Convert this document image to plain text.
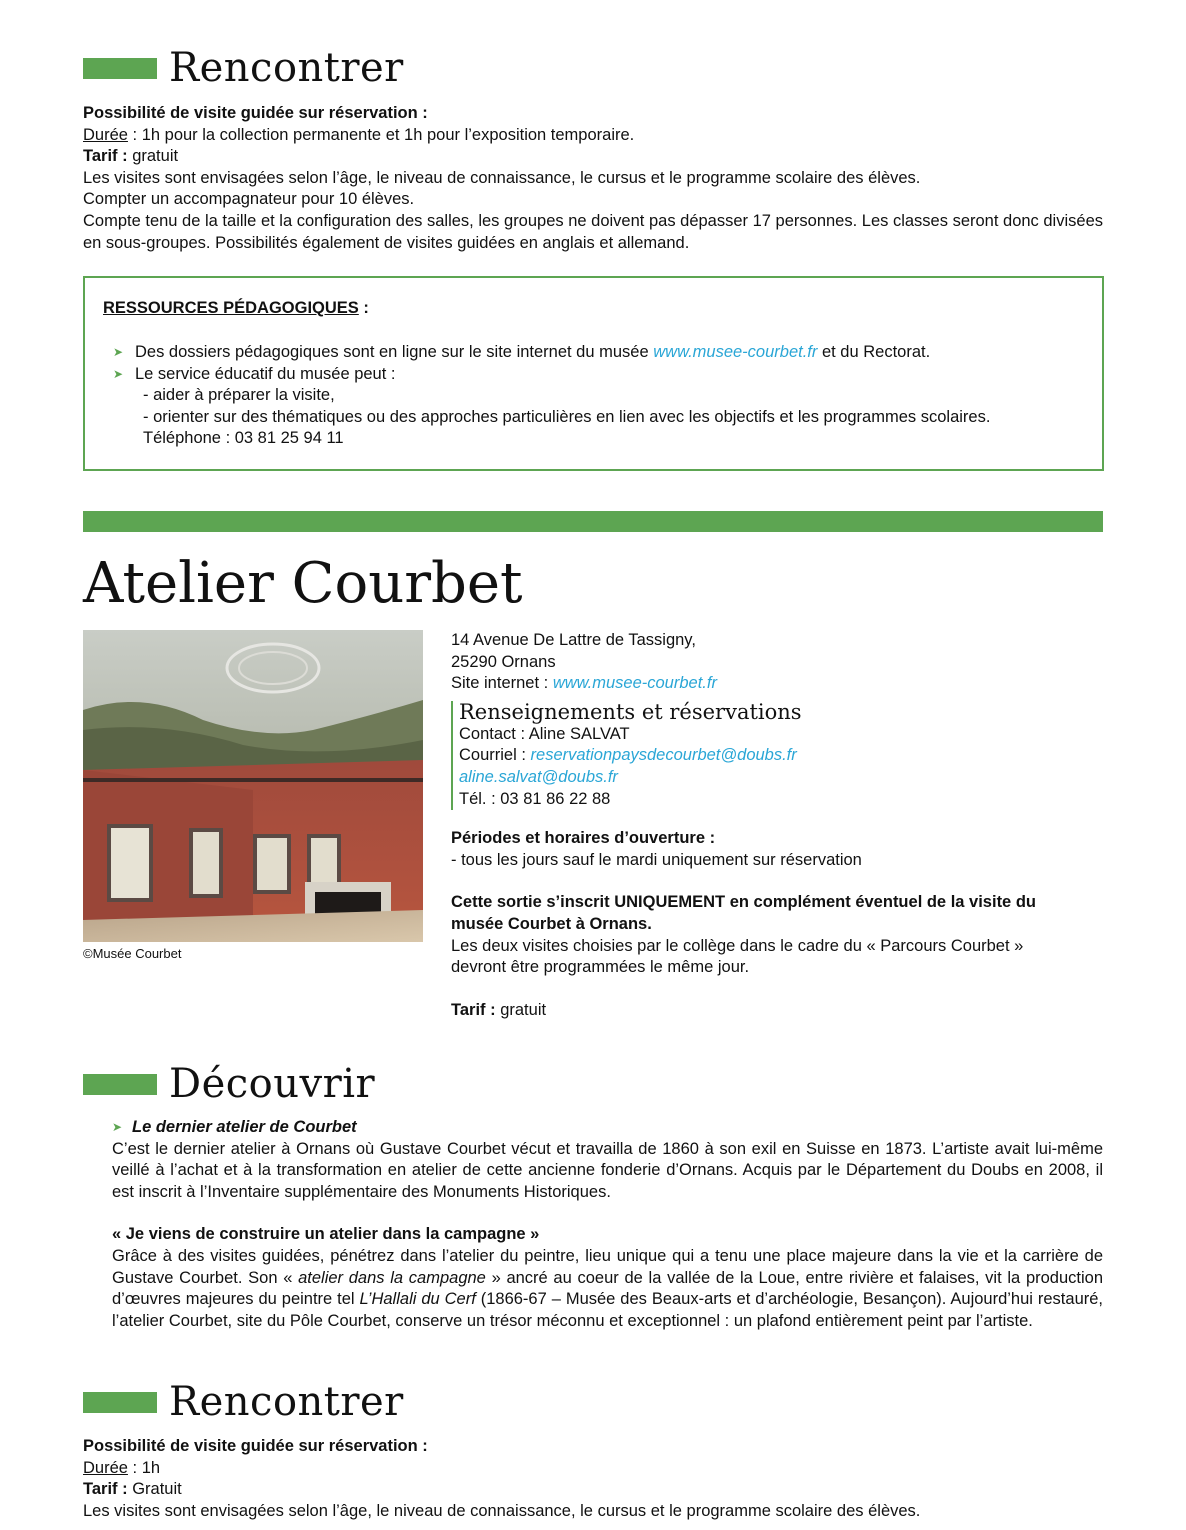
Rencontrer

Possibilité de visite guidée sur réservation :

Durée : 1h pour la collection permanente et 1h pour l’exposition temporaire.

Tarif : gratuit

Les visites sont envisagées selon l’âge, le niveau de connaissance, le cursus et le programme scolaire des élèves.

Compter un accompagnateur pour 10 élèves.

Compte tenu de la taille et la configuration des salles, les groupes ne doivent pas dépasser 17 personnes. Les classes seront donc divisées en sous-groupes. Possibilités également de visites guidées en anglais et allemand.

RESSOURCES PÉDAGOGIQUES :
➤ Des dossiers pédagogiques sont en ligne sur le site internet du musée www.musee-courbet.fr et du Rectorat.
➤ Le service éducatif du musée peut :
- aider à préparer la visite,
- orienter sur des thématiques ou des approches particulières en lien avec les objectifs et les programmes scolaires.
Téléphone : 03 81 25 94 11
Atelier Courbet
©Musée Courbet

14 Avenue De Lattre de Tassigny,

25290 Ornans

Site internet : www.musee-courbet.fr

Renseignements et réservations

Contact : Aline SALVAT

Courriel : reservationpaysdecourbet@doubs.fr

aline.salvat@doubs.fr

Tél. : 03 81 86 22 88

Périodes et horaires d’ouverture :

- tous les jours sauf le mardi uniquement sur réservation

Cette sortie s’inscrit UNIQUEMENT en complément éventuel de la visite du musée Courbet à Ornans.

Les deux visites choisies par le collège dans le cadre du « Parcours Courbet » devront être programmées le même jour.

Tarif : gratuit

Découvrir

➤ Le dernier atelier de Courbet

C’est le dernier atelier à Ornans où Gustave Courbet vécut et travailla de 1860 à son exil en Suisse en 1873. L’artiste avait lui-même veillé à l’achat et à la transformation en atelier de cette ancienne fonderie d’Ornans. Acquis par le Département du Doubs en 2008, il est inscrit à l’Inventaire supplémentaire des Monuments Historiques.

« Je viens de construire un atelier dans la campagne »

Grâce à des visites guidées, pénétrez dans l’atelier du peintre, lieu unique qui a tenu une place majeure dans la vie et la carrière de Gustave Courbet. Son « atelier dans la campagne » ancré au coeur de la vallée de la Loue, entre rivière et falaises, vit la production d’œuvres majeures du peintre tel L’Hallali du Cerf (1866-67 – Musée des Beaux-arts et d’archéologie, Besançon). Aujourd’hui restauré, l’atelier Courbet, site du Pôle Courbet, conserve un trésor méconnu et exceptionnel : un plafond entièrement peint par l’artiste.

Rencontrer

Possibilité de visite guidée sur réservation :

Durée : 1h

Tarif : Gratuit

Les visites sont envisagées selon l’âge, le niveau de connaissance, le cursus et le programme scolaire des élèves.
